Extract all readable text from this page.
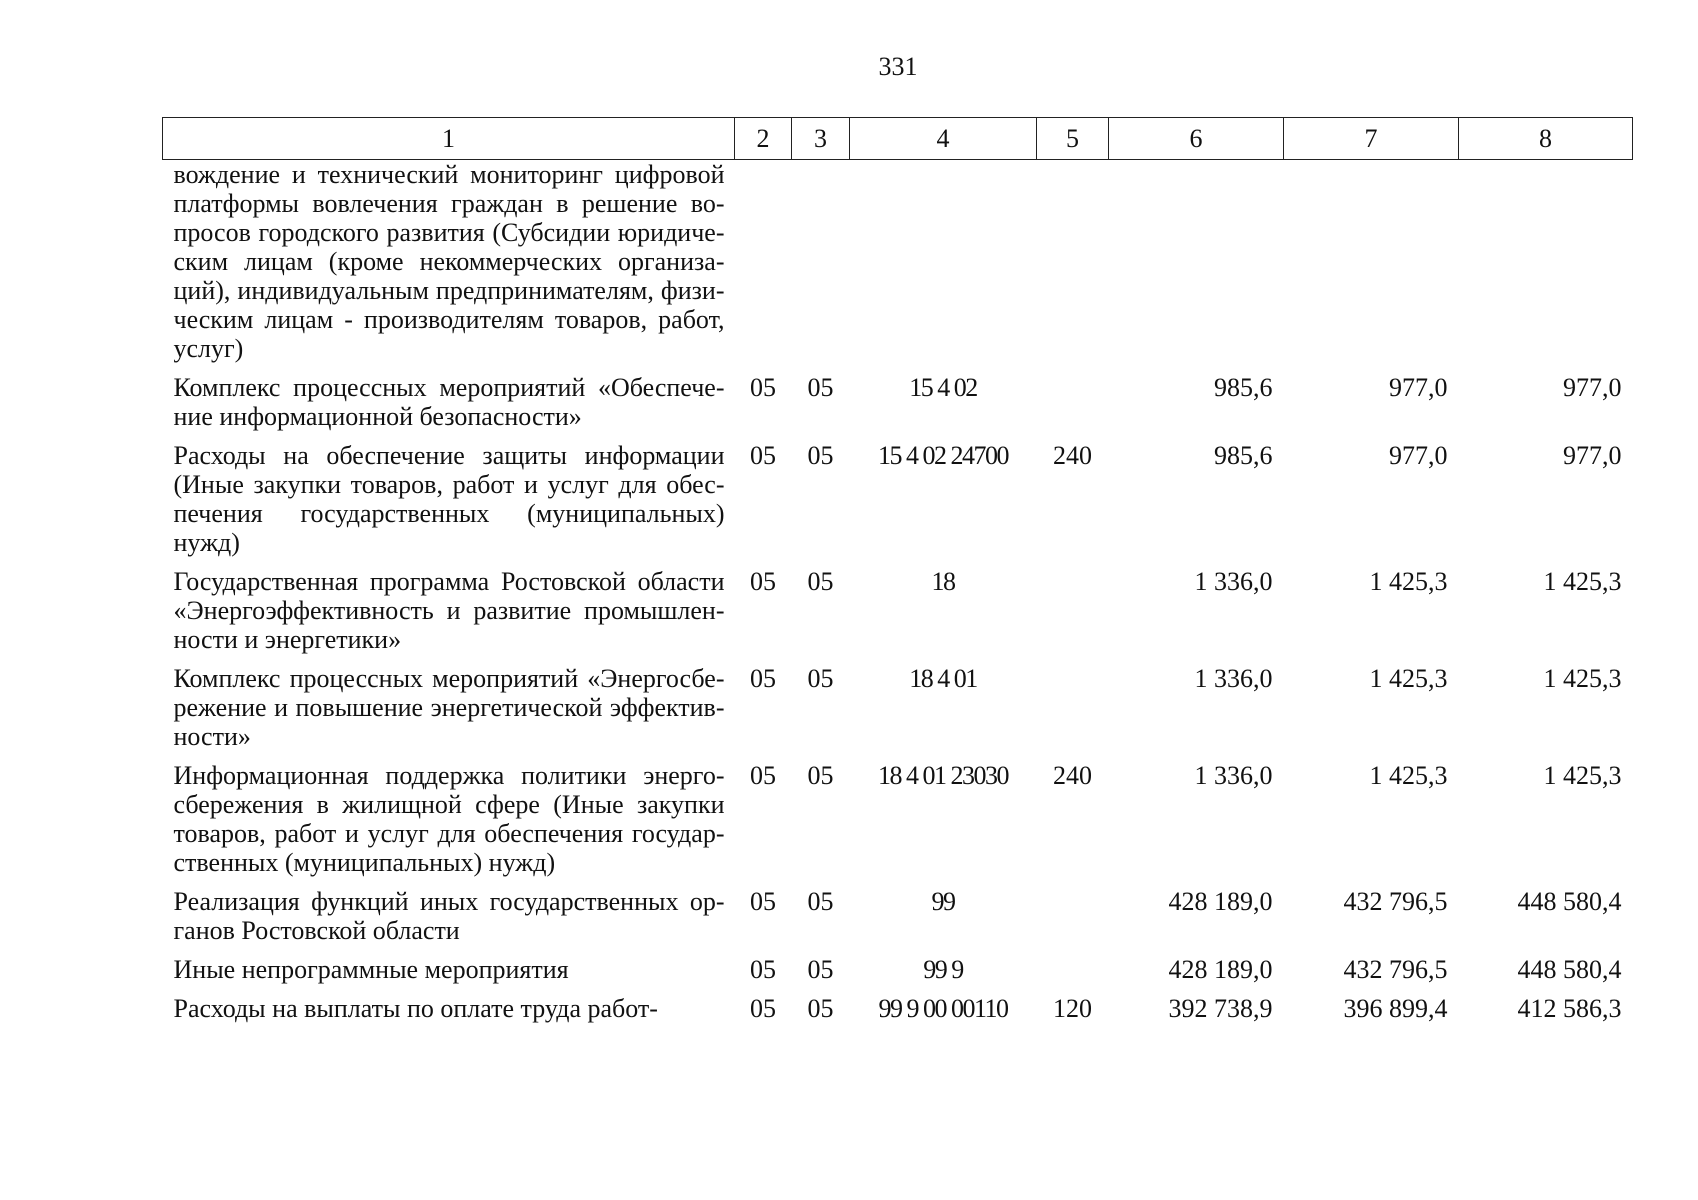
331
1	2	3	4	5	6	7	8
вождение и технический мониторинг цифровой платформы вовлечения граждан в решение вопросов городского развития (Субсидии юридическим лицам (кроме некоммерческих организаций), индивидуальным предпринимателям, физическим лицам - производителям товаров, работ, услуг)							
Комплекс процессных мероприятий «Обеспечение информационной безопасности»	05	05	15 4 02		985,6	977,0	977,0
Расходы на обеспечение защиты информации (Иные закупки товаров, работ и услуг для обеспечения государственных (муниципальных) нужд)	05	05	15 4 02 24700	240	985,6	977,0	977,0
Государственная программа Ростовской области «Энергоэффективность и развитие промышленности и энергетики»	05	05	18		1 336,0	1 425,3	1 425,3
Комплекс процессных мероприятий «Энергосбережение и повышение энергетической эффективности»	05	05	18 4 01		1 336,0	1 425,3	1 425,3
Информационная поддержка политики энергосбережения в жилищной сфере (Иные закупки товаров, работ и услуг для обеспечения государственных (муниципальных) нужд)	05	05	18 4 01 23030	240	1 336,0	1 425,3	1 425,3
Реализация функций иных государственных органов Ростовской области	05	05	99		428 189,0	432 796,5	448 580,4
Иные непрограммные мероприятия	05	05	99 9		428 189,0	432 796,5	448 580,4
Расходы на выплаты по оплате труда работ-	05	05	99 9 00 00110	120	392 738,9	396 899,4	412 586,3
